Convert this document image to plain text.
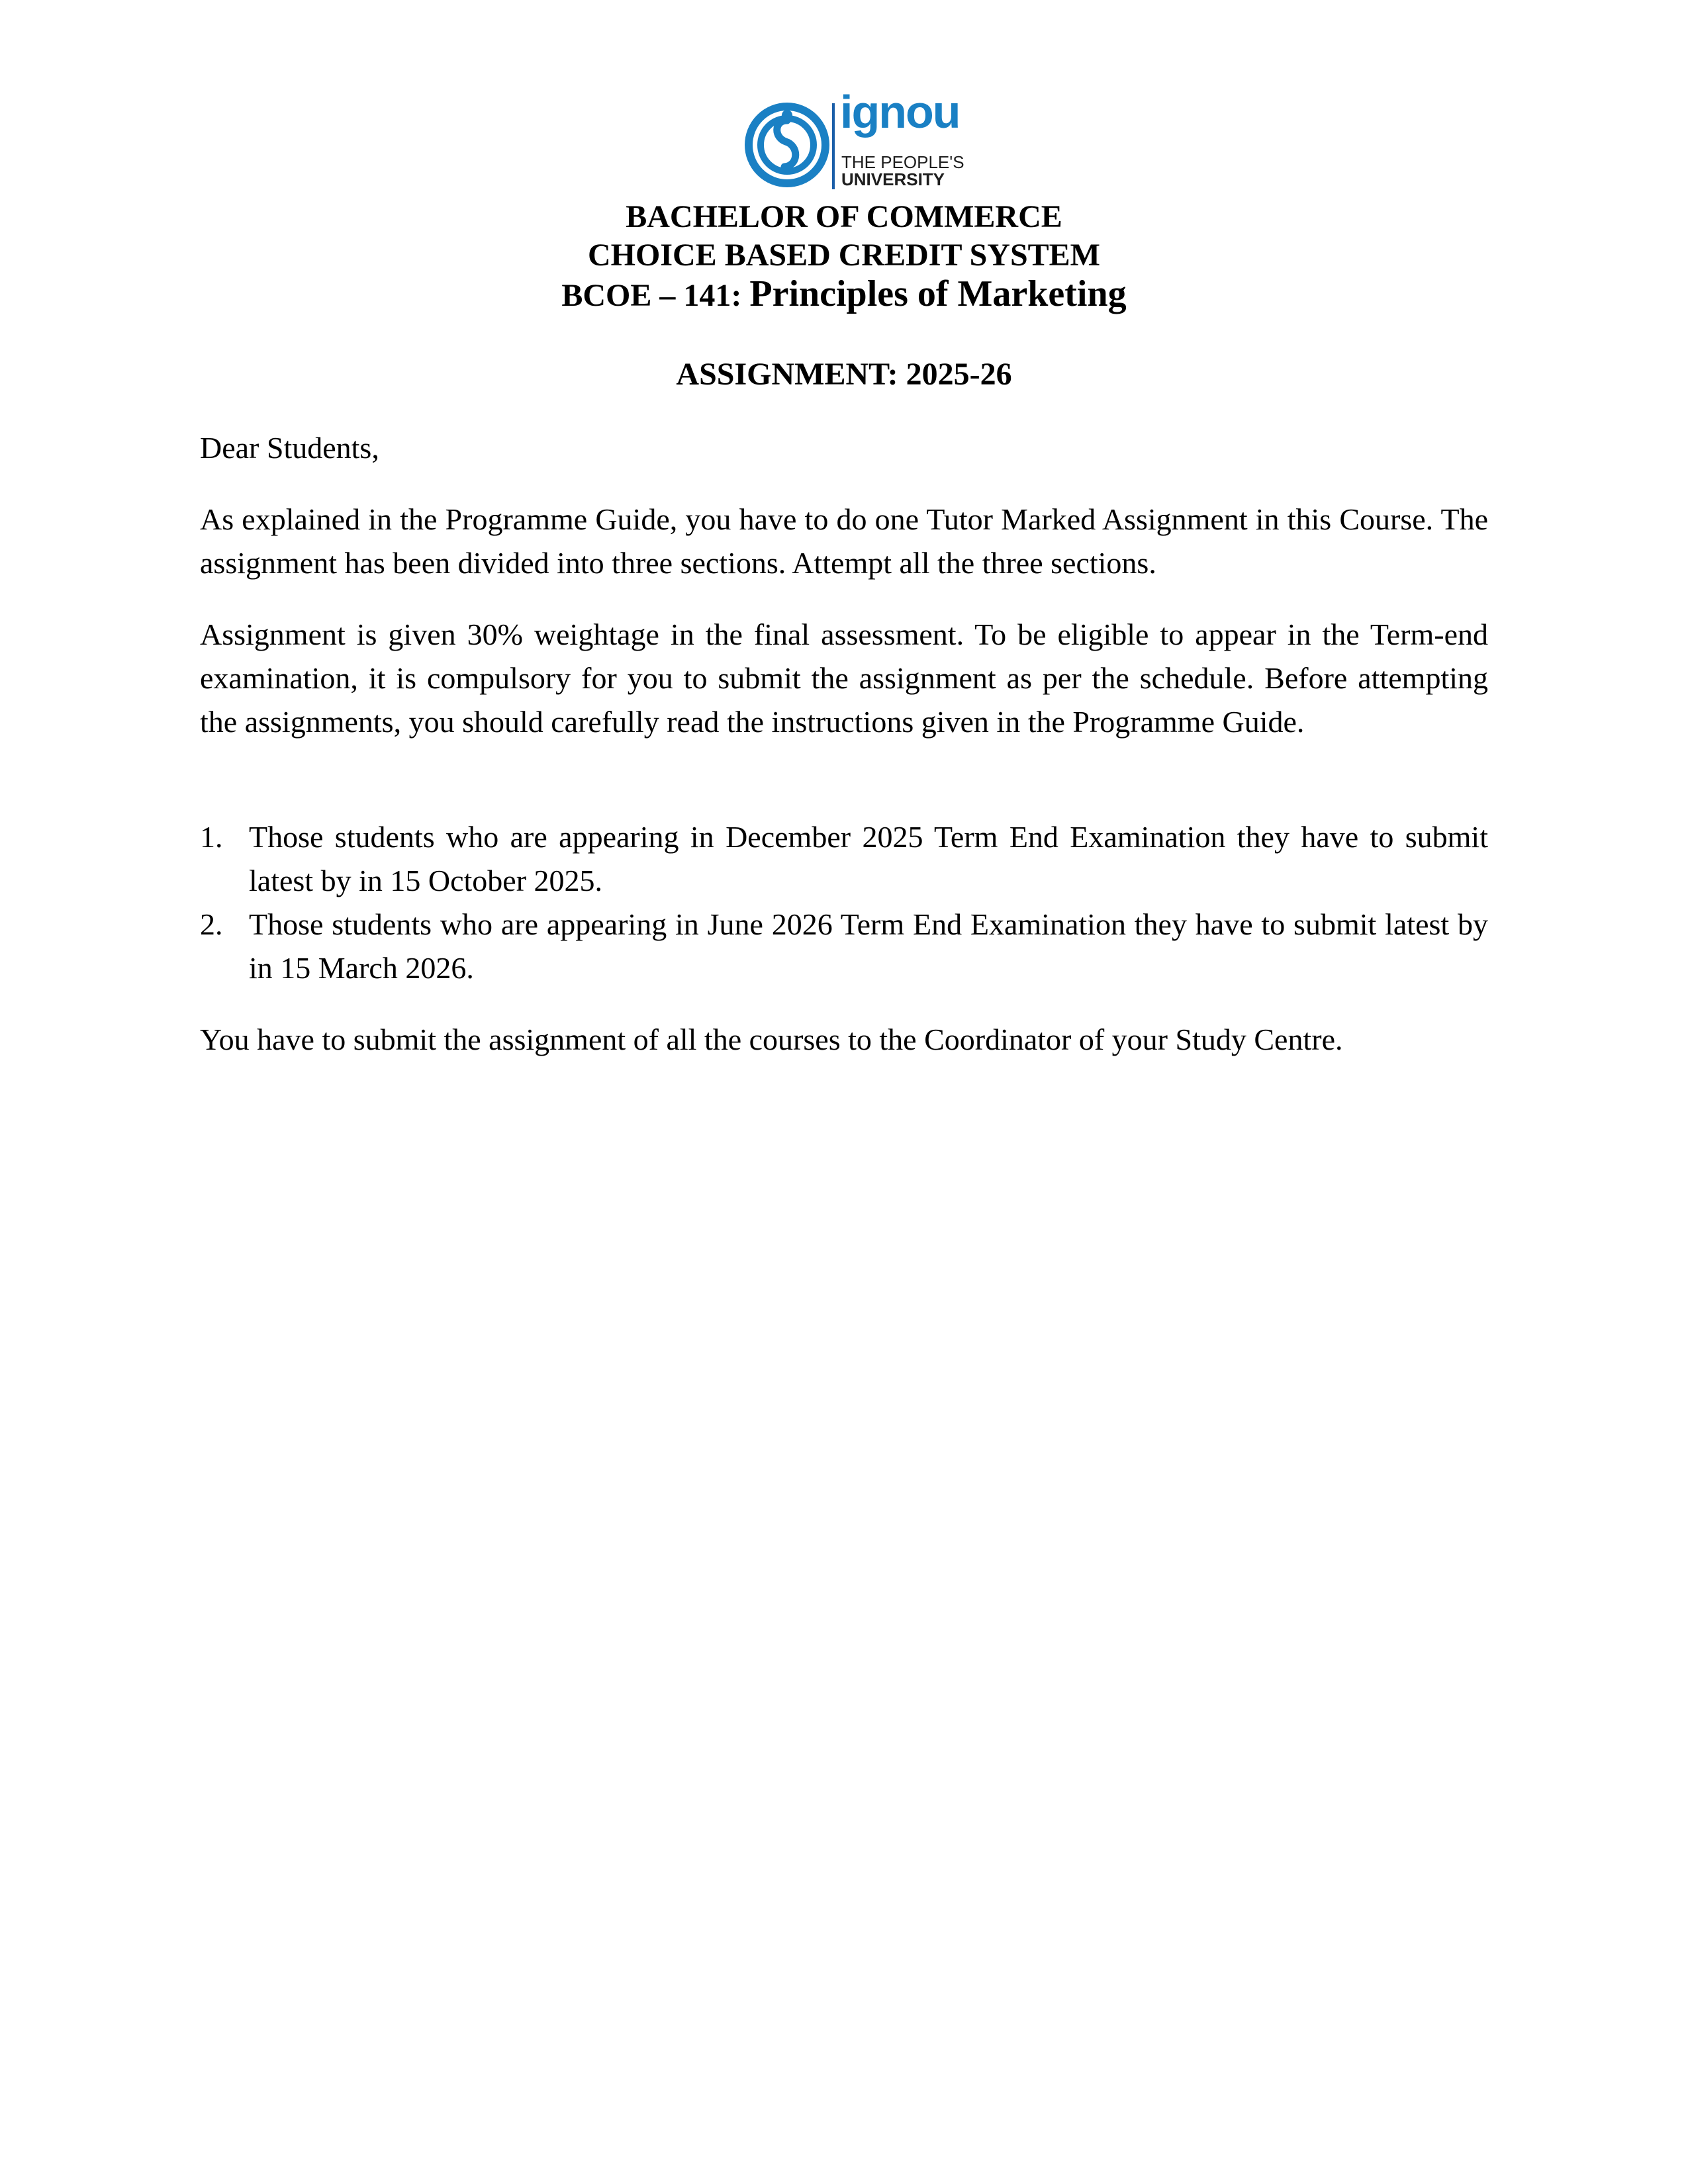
ignou
THE PEOPLE'S
UNIVERSITY
BACHELOR OF COMMERCE
CHOICE BASED CREDIT SYSTEM
BCOE – 141: Principles of Marketing
ASSIGNMENT: 2025-26

Dear Students,

As explained in the Programme Guide, you have to do one Tutor Marked Assignment in this Course. The assignment has been divided into three sections. Attempt all the three sections.

Assignment is given 30% weightage in the final assessment. To be eligible to appear in the Term-end examination, it is compulsory for you to submit the assignment as per the schedule. Before attempting the assignments, you should carefully read the instructions given in the Programme Guide.

1. Those students who are appearing in December 2025 Term End Examination they have to submit latest by in 15 October 2025.
2. Those students who are appearing in June 2026 Term End Examination they have to submit latest by in 15 March 2026.

You have to submit the assignment of all the courses to the Coordinator of your Study Centre.
